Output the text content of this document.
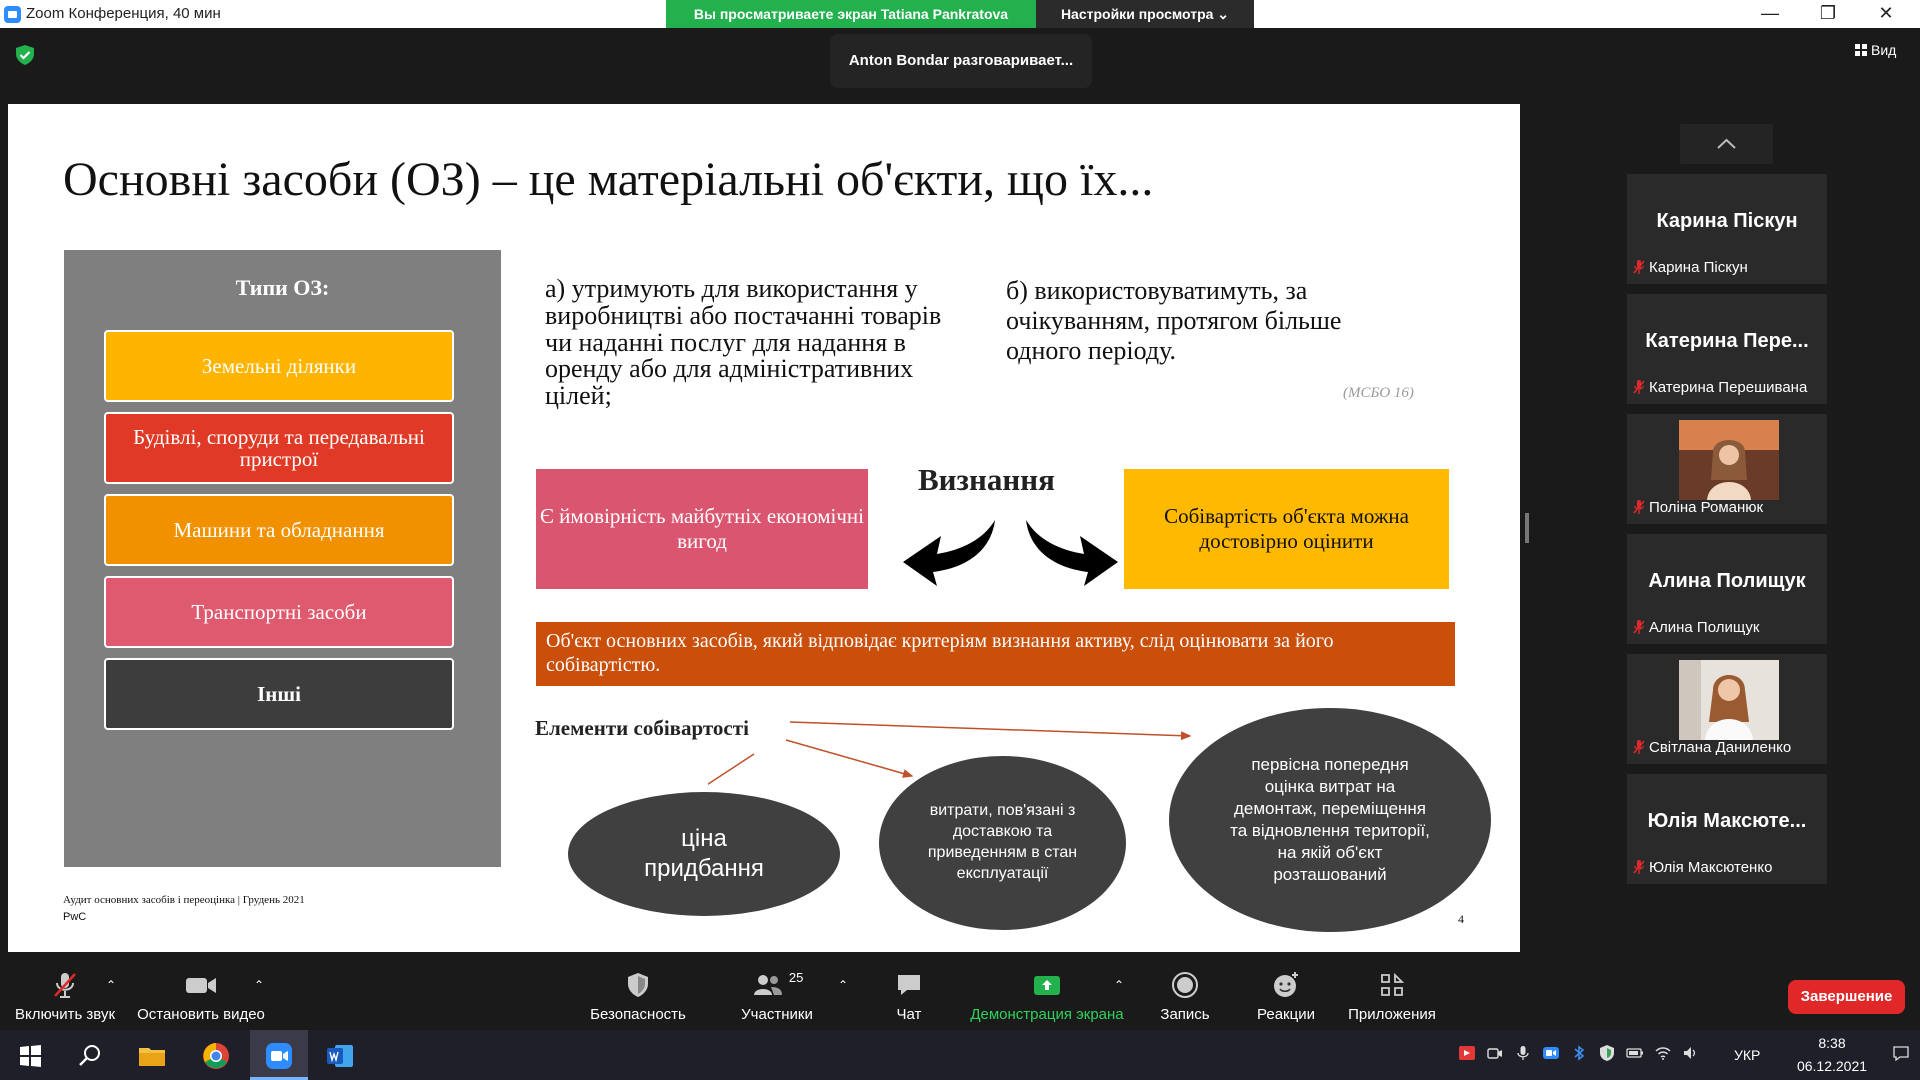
Zoom Конференция, 40 мин	Вы просматриваете экран Tatiana Pankratova	Настройки просмотра ⌄	—	❐	✕
Anton Bondar разговаривает...
Вид
Основні засоби (ОЗ) – це матеріальні об'єкти, що їх...
Типи ОЗ:
Земельні ділянки
Будівлі, споруди та передавальні пристрої
Машини та обладнання
Транспортні засоби
Інші
а) утримують для використання у виробництві або постачанні товарів чи наданні послуг для надання в оренду або для адміністративних цілей;
б) використовуватимуть, за очікуванням, протягом більше одного періоду.
(МСБО 16)
Є ймовірність майбутніх економічні вигод
Визнання
Собівартість об'єкта можна достовірно оцінити
Об'єкт основних засобів, який відповідає критеріям визнання активу, слід оцінювати за його собівартістю.
Елементи собівартості
ціна придбання
витрати, пов'язані з доставкою та приведенням в стан експлуатації
первісна попередня оцінка витрат на демонтаж, переміщення та відновлення території, на якій об'єкт розташований
Аудит основних засобів і переоцінка | Грудень 2021
PwC	4
Карина Піскун
Карина Піскун
Катерина Пере...
Катерина Перешивана
Поліна Романюк
Алина Полищук
Алина Полищук
Світлана Даниленко
Юлія Максюте...
Юлія Максютенко
Включить звук
⌃
Остановить видео
⌃
Безопасность
25
Участники
⌃
Чат	Демонстрация экрана
⌃
Запись	Реакции	Приложения
Завершение
УКР
8:38
06.12.2021
